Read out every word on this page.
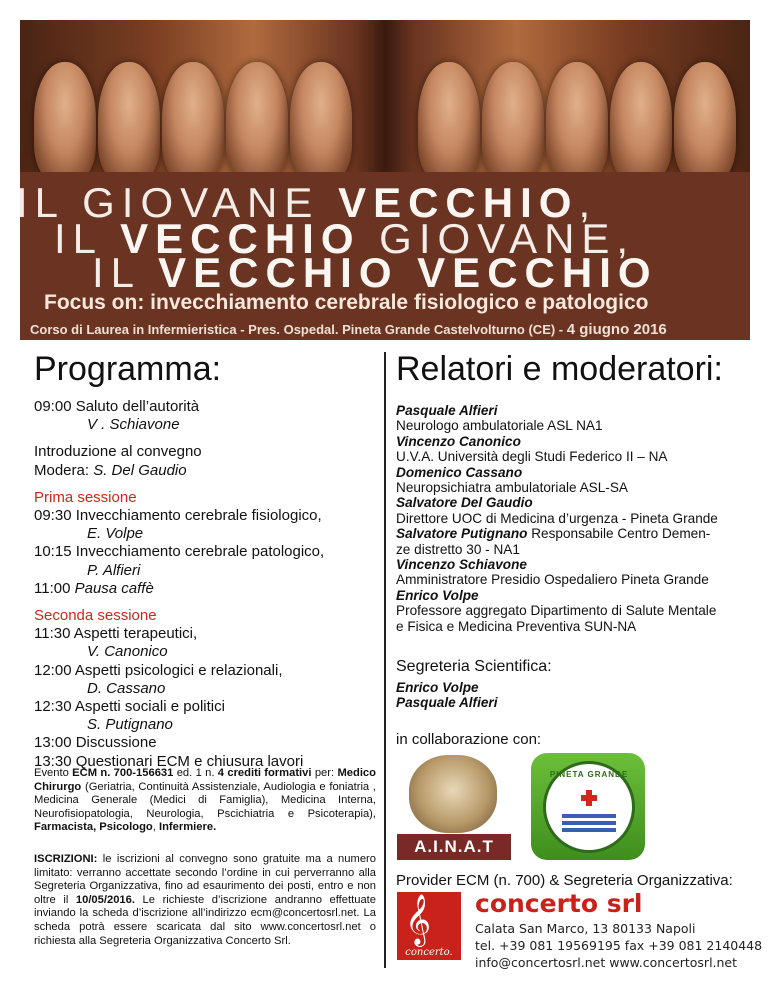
IL GIOVANE VECCHIO,
IL VECCHIO GIOVANE,
IL VECCHIO VECCHIO
Focus on: invecchiamento cerebrale fisiologico e patologico
Corso di Laurea in Infermieristica - Pres. Ospedal. Pineta Grande Castelvolturno (CE) - 4 giugno 2016
Programma:
09:00 Saluto dell’autorità
V . Schiavone
Introduzione al convegno
Modera: S. Del Gaudio
Prima sessione
09:30 Invecchiamento cerebrale fisiologico,
E. Volpe
10:15 Invecchiamento cerebrale patologico,
P. Alfieri
11:00 Pausa caffè
Seconda sessione
11:30 Aspetti terapeutici,
V. Canonico
12:00 Aspetti psicologici e relazionali,
D. Cassano
12:30 Aspetti sociali e politici
S. Putignano
13:00 Discussione
13:30 Questionari ECM e chiusura lavori
Evento ECM n. 700-156631 ed. 1 n. 4 crediti formativi per: Medico Chirurgo (Geriatria, Continuità Assistenziale, Audiologia e foniatria , Medicina Generale (Medici di Famiglia), Medicina Interna, Neurofisiopatologia, Neurologia, Pscichiatria e Psicoterapia), Farmacista, Psicologo, Infermiere.
ISCRIZIONI: le iscrizioni al convegno sono gratuite ma a numero limitato: verranno accettate secondo l’ordine in cui perverranno alla Segreteria Organizzativa, fino ad esaurimento dei posti, entro e non oltre il 10/05/2016. Le richieste d’iscrizione andranno effettuate inviando la scheda d’iscrizione all’indirizzo ecm@concertosrl.net. La scheda potrà essere scaricata dal sito www.concertosrl.net o richiesta alla Segreteria Organizzativa Concerto Srl.
Relatori e moderatori:
Pasquale Alfieri
Neurologo ambulatoriale ASL NA1
Vincenzo Canonico
U.V.A. Università degli Studi Federico II – NA
Domenico Cassano
Neuropsichiatra ambulatoriale ASL-SA
Salvatore Del Gaudio
Direttore UOC di Medicina d’urgenza - Pineta Grande
Salvatore Putignano Responsabile Centro Demen-
ze distretto 30 - NA1
Vincenzo Schiavone
Amministratore Presidio Ospedaliero Pineta Grande
Enrico Volpe
Professore aggregato Dipartimento di Salute Mentale
e Fisica e Medicina Preventiva SUN-NA
Segreteria Scientifica:
Enrico Volpe
Pasquale Alfieri
in collaborazione con:
A.I.N.A.T
PINETA GRANDE
Provider ECM (n. 700) & Segreteria Organizzativa:
𝄞
concerto.
concerto srl
Calata San Marco, 13 80133 Napoli
tel. +39 081 19569195 fax +39 081 2140448
info@concertosrl.net www.concertosrl.net
